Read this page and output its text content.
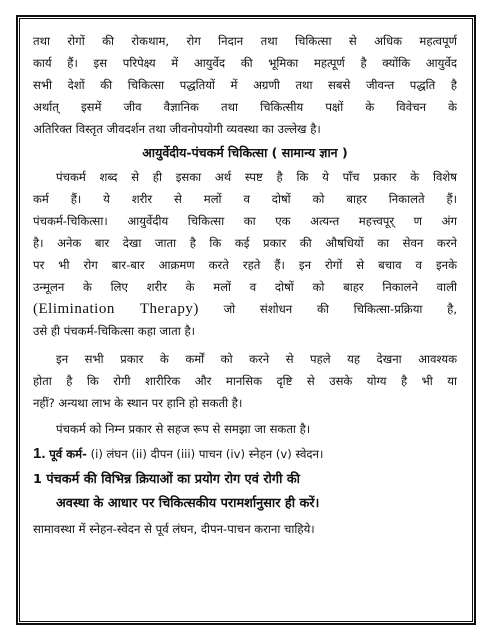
तथा रोगों की रोकथाम, रोग निदान तथा चिकित्सा से अधिक महत्वपूर्ण
कार्य हैं। इस परिपेक्ष्य में आयुर्वेद की भूमिका महत्पूर्ण है क्योंकि आयुर्वेद
सभी देशों की चिकित्सा पद्धतियों में अग्रणी तथा सबसे जीवन्त पद्धति है
अर्थात् इसमें जीव वैज्ञानिक तथा चिकित्सीय पक्षों के विवेचन के
अतिरिक्त विस्तृत जीवदर्शन तथा जीवनोपयोगी व्यवस्था का उल्लेख है।
आयुर्वेदीय-पंचकर्म चिकित्सा ( सामान्य ज्ञान )
पंचकर्म शब्द से ही इसका अर्थ स्पष्ट है कि ये पाँच प्रकार के विशेष
कर्म हैं। ये शरीर से मलों व दोषों को बाहर निकालते हैं।
पंचकर्म-चिकित्सा। आयुर्वेदीय चिकित्सा का एक अत्यन्त महत्त्वपूर् ण अंग
है। अनेक बार देखा जाता है कि कई प्रकार की औषधियों का सेवन करने
पर भी रोग बार-बार आक्रमण करते रहते हैं। इन रोगों से बचाव व इनके
उन्मूलन के लिए शरीर के मलों व दोषों को बाहर निकालने वाली
(Elimination Therapy) जो संशोधन की चिकित्सा-प्रक्रिया है,
उसे ही पंचकर्म-चिकित्सा कहा जाता है।
इन सभी प्रकार के कर्मों को करने से पहले यह देखना आवश्यक
होता है कि रोगी शारीरिक और मानसिक दृष्टि से उसके योग्य है भी या
नहीं? अन्यथा लाभ के स्थान पर हानि हो सकती है।
पंचकर्म को निम्न प्रकार से सहज रूप से समझा जा सकता है।
1. पूर्व कर्म- (i) लंघन (ii) दीपन (iii) पाचन (iv) स्नेहन (v) स्वेदन।
1 पंचकर्म की विभिन्न क्रियाओं का प्रयोग रोग एवं रोगी की
अवस्था के आधार पर चिकित्सकीय परामर्शानुसार ही करें।
सामावस्था में स्नेहन-स्वेदन से पूर्व लंघन, दीपन-पाचन कराना चाहिये।
